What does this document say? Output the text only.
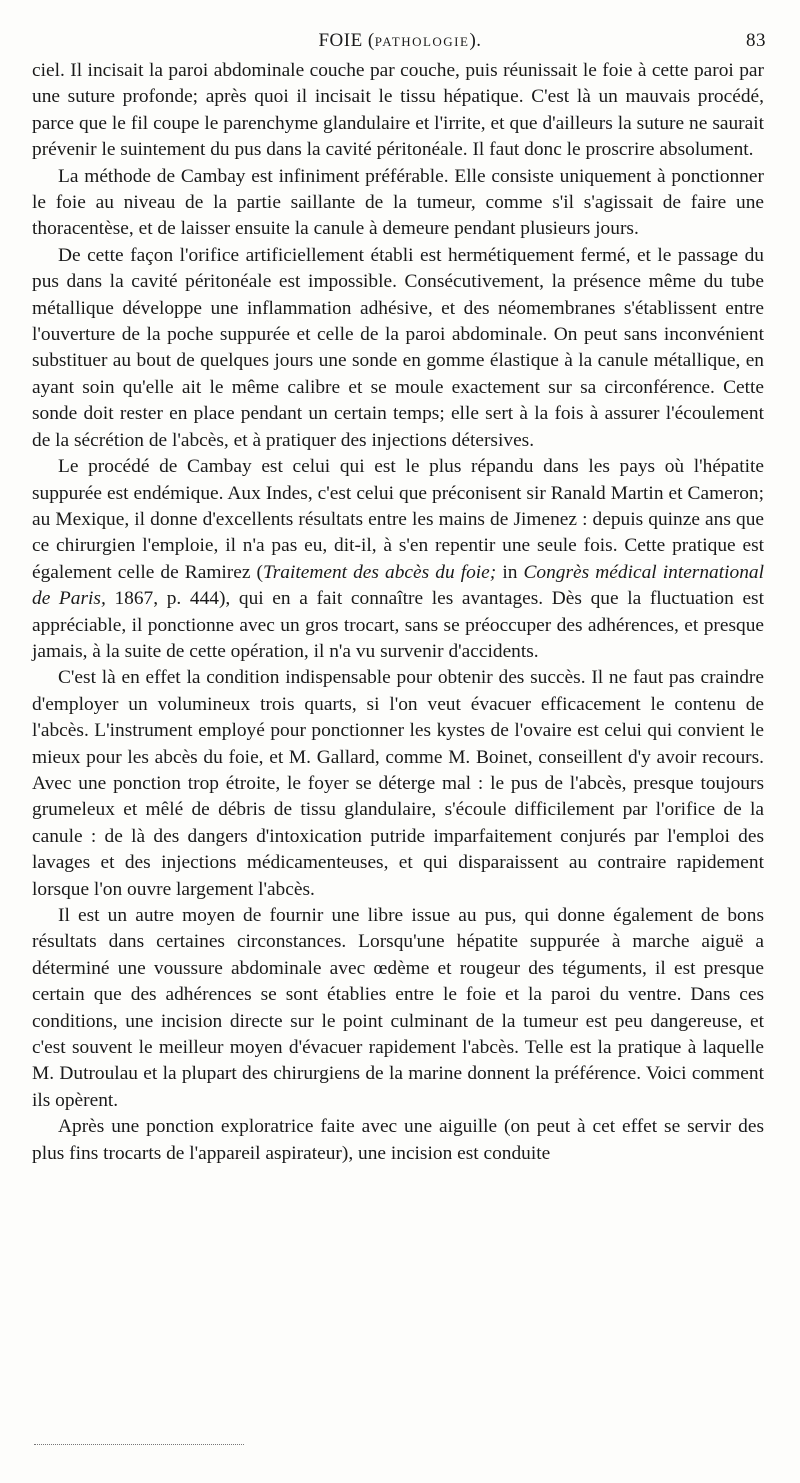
FOIE (PATHOLOGIE).	83

ciel. Il incisait la paroi abdominale couche par couche, puis réunissait le foie à cette paroi par une suture profonde; après quoi il incisait le tissu hépatique. C'est là un mauvais procédé, parce que le fil coupe le parenchyme glandulaire et l'irrite, et que d'ailleurs la suture ne saurait prévenir le suintement du pus dans la cavité péritonéale. Il faut donc le proscrire absolument.

La méthode de Cambay est infiniment préférable. Elle consiste uniquement à ponctionner le foie au niveau de la partie saillante de la tumeur, comme s'il s'agissait de faire une thoracentèse, et de laisser ensuite la canule à demeure pendant plusieurs jours.

De cette façon l'orifice artificiellement établi est hermétiquement fermé, et le passage du pus dans la cavité péritonéale est impossible. Consécutivement, la présence même du tube métallique développe une inflammation adhésive, et des néomembranes s'établissent entre l'ouverture de la poche suppurée et celle de la paroi abdominale. On peut sans inconvénient substituer au bout de quelques jours une sonde en gomme élastique à la canule métallique, en ayant soin qu'elle ait le même calibre et se moule exactement sur sa circonférence. Cette sonde doit rester en place pendant un certain temps; elle sert à la fois à assurer l'écoulement de la sécrétion de l'abcès, et à pratiquer des injections détersives.

Le procédé de Cambay est celui qui est le plus répandu dans les pays où l'hépatite suppurée est endémique. Aux Indes, c'est celui que préconisent sir Ranald Martin et Cameron; au Mexique, il donne d'excellents résultats entre les mains de Jimenez : depuis quinze ans que ce chirurgien l'emploie, il n'a pas eu, dit-il, à s'en repentir une seule fois. Cette pratique est également celle de Ramirez (Traitement des abcès du foie; in Congrès médical international de Paris, 1867, p. 444), qui en a fait connaître les avantages. Dès que la fluctuation est appréciable, il ponctionne avec un gros trocart, sans se préoccuper des adhérences, et presque jamais, à la suite de cette opération, il n'a vu survenir d'accidents.

C'est là en effet la condition indispensable pour obtenir des succès. Il ne faut pas craindre d'employer un volumineux trois quarts, si l'on veut évacuer efficacement le contenu de l'abcès. L'instrument employé pour ponctionner les kystes de l'ovaire est celui qui convient le mieux pour les abcès du foie, et M. Gallard, comme M. Boinet, conseillent d'y avoir recours. Avec une ponction trop étroite, le foyer se déterge mal : le pus de l'abcès, presque toujours grumeleux et mêlé de débris de tissu glandulaire, s'écoule difficilement par l'orifice de la canule : de là des dangers d'intoxication putride imparfaitement conjurés par l'emploi des lavages et des injections médicamenteuses, et qui disparaissent au contraire rapidement lorsque l'on ouvre largement l'abcès.

Il est un autre moyen de fournir une libre issue au pus, qui donne également de bons résultats dans certaines circonstances. Lorsqu'une hépatite suppurée à marche aiguë a déterminé une voussure abdominale avec œdème et rougeur des téguments, il est presque certain que des adhérences se sont établies entre le foie et la paroi du ventre. Dans ces conditions, une incision directe sur le point culminant de la tumeur est peu dangereuse, et c'est souvent le meilleur moyen d'évacuer rapidement l'abcès. Telle est la pratique à laquelle M. Dutroulau et la plupart des chirurgiens de la marine donnent la préférence. Voici comment ils opèrent.

Après une ponction exploratrice faite avec une aiguille (on peut à cet effet se servir des plus fins trocarts de l'appareil aspirateur), une incision est conduite
